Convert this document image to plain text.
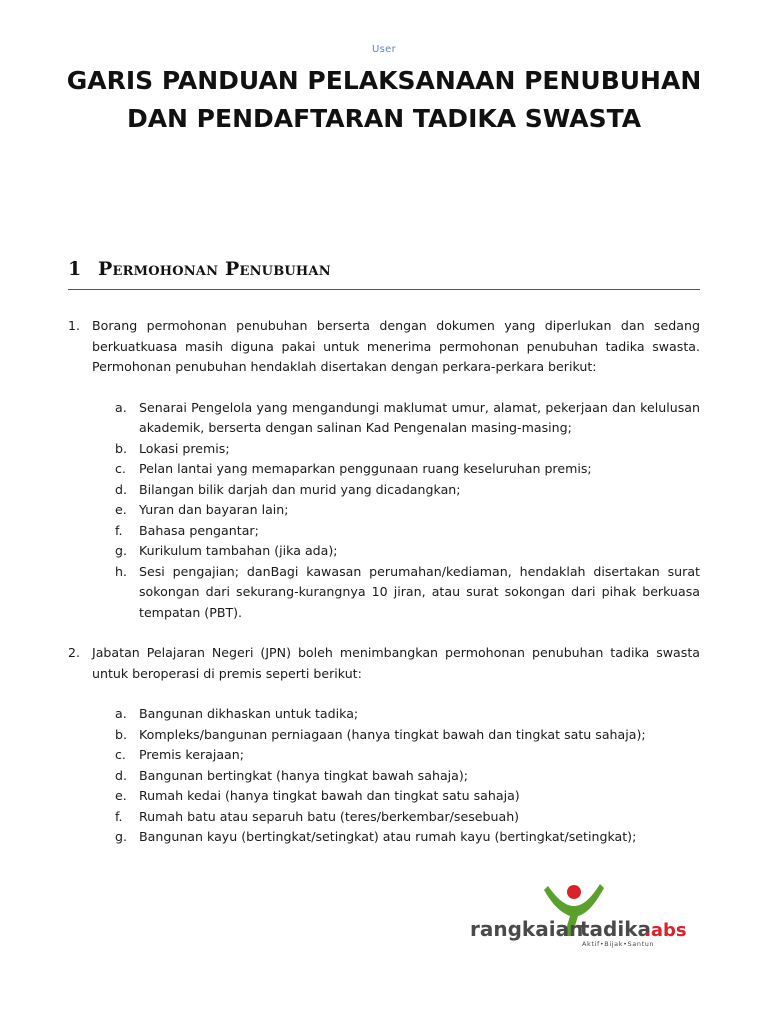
User
GARIS PANDUAN PELAKSANAAN PENUBUHAN DAN PENDAFTARAN TADIKA SWASTA
1 Permohonan Penubuhan
1. Borang permohonan penubuhan berserta dengan dokumen yang diperlukan dan sedang berkuatkuasa masih diguna pakai untuk menerima permohonan penubuhan tadika swasta. Permohonan penubuhan hendaklah disertakan dengan perkara-perkara berikut:
a. Senarai Pengelola yang mengandungi maklumat umur, alamat, pekerjaan dan kelulusan akademik, berserta dengan salinan Kad Pengenalan masing-masing;
b. Lokasi premis;
c. Pelan lantai yang memaparkan penggunaan ruang keseluruhan premis;
d. Bilangan bilik darjah dan murid yang dicadangkan;
e. Yuran dan bayaran lain;
f. Bahasa pengantar;
g. Kurikulum tambahan (jika ada);
h. Sesi pengajian; danBagi kawasan perumahan/kediaman, hendaklah disertakan surat sokongan dari sekurang-kurangnya 10 jiran, atau surat sokongan dari pihak berkuasa tempatan (PBT).
2. Jabatan Pelajaran Negeri (JPN) boleh menimbangkan permohonan penubuhan tadika swasta untuk beroperasi di premis seperti berikut:
a. Bangunan dikhaskan untuk tadika;
b. Kompleks/bangunan perniagaan (hanya tingkat bawah dan tingkat satu sahaja);
c. Premis kerajaan;
d. Bangunan bertingkat (hanya tingkat bawah sahaja);
e. Rumah kedai (hanya tingkat bawah dan tingkat satu sahaja)
f. Rumah batu atau separuh batu (teres/berkembar/sesebuah)
g. Bangunan kayu (bertingkat/setingkat) atau rumah kayu (bertingkat/setingkat);
rangkaian
tadika
.abs
Aktif•Bijak•Santun
